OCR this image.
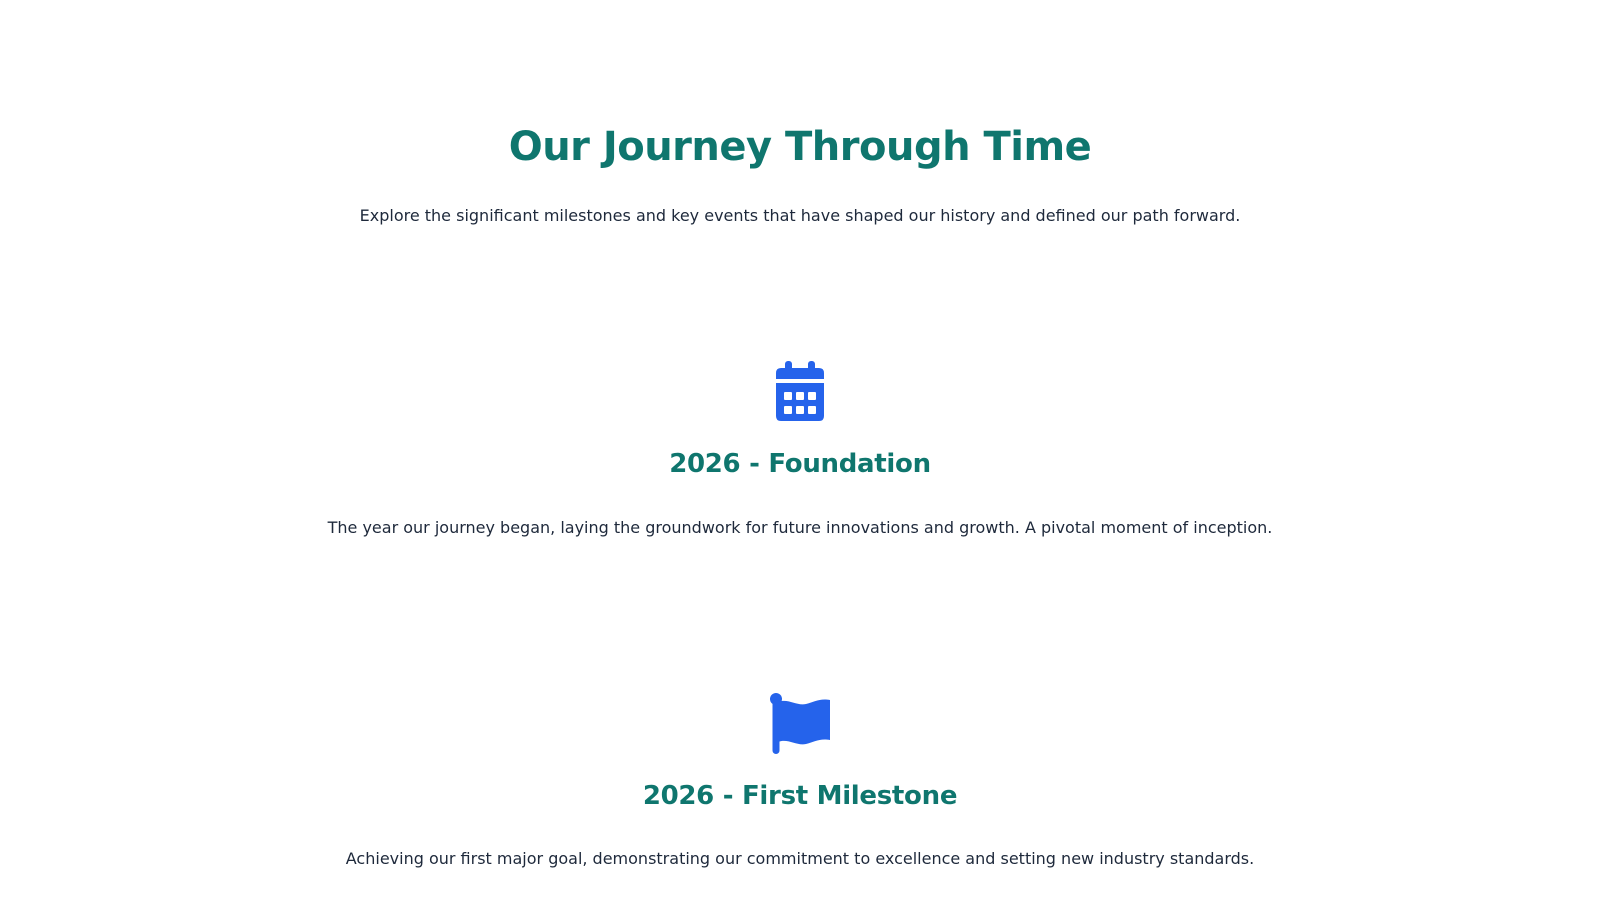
Our Journey Through Time

Explore the significant milestones and key events that have shaped our history and defined our path forward.

2026 - Foundation

The year our journey began, laying the groundwork for future innovations and growth. A pivotal moment of inception.

2026 - First Milestone

Achieving our first major goal, demonstrating our commitment to excellence and setting new industry standards.
